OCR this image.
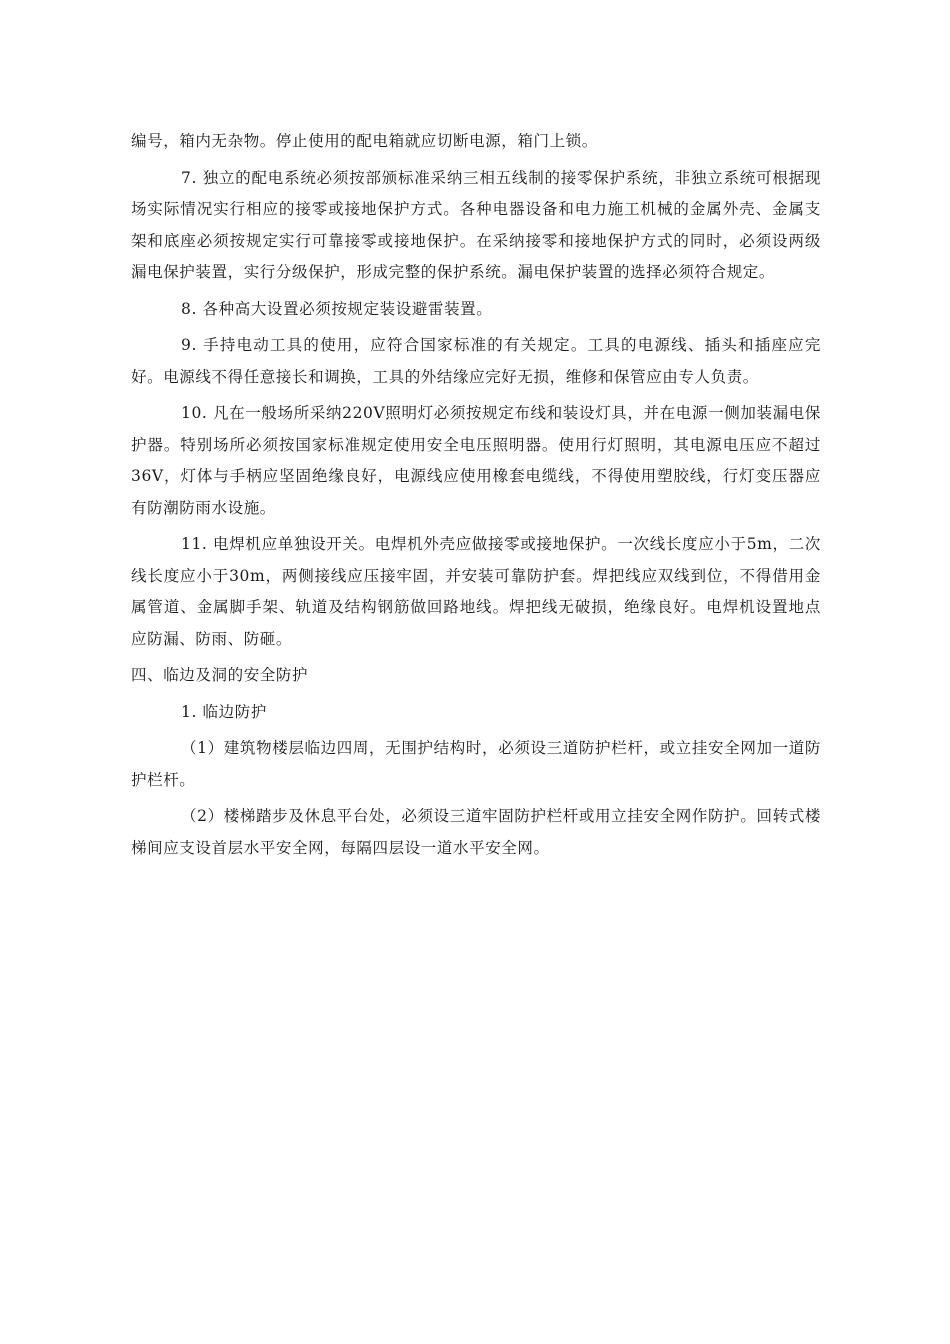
编号，箱内无杂物。停止使用的配电箱就应切断电源，箱门上锁。

7. 独立的配电系统必须按部颁标准采纳三相五线制的接零保护系统，非独立系统可根据现场实际情况实行相应的接零或接地保护方式。各种电器设备和电力施工机械的金属外壳、金属支架和底座必须按规定实行可靠接零或接地保护。在采纳接零和接地保护方式的同时，必须设两级漏电保护装置，实行分级保护，形成完整的保护系统。漏电保护装置的选择必须符合规定。

8. 各种高大设置必须按规定装设避雷装置。

9. 手持电动工具的使用，应符合国家标准的有关规定。工具的电源线、插头和插座应完好。电源线不得任意接长和调换，工具的外结缘应完好无损，维修和保管应由专人负责。

10. 凡在一般场所采纳220V照明灯必须按规定布线和装设灯具，并在电源一侧加装漏电保护器。特别场所必须按国家标准规定使用安全电压照明器。使用行灯照明，其电源电压应不超过36V，灯体与手柄应坚固绝缘良好，电源线应使用橡套电缆线，不得使用塑胶线，行灯变压器应有防潮防雨水设施。

11. 电焊机应单独设开关。电焊机外壳应做接零或接地保护。一次线长度应小于5m，二次线长度应小于30m，两侧接线应压接牢固，并安装可靠防护套。焊把线应双线到位，不得借用金属管道、金属脚手架、轨道及结构钢筋做回路地线。焊把线无破损，绝缘良好。电焊机设置地点应防漏、防雨、防砸。

四、临边及洞的安全防护

1. 临边防护

（1）建筑物楼层临边四周，无围护结构时，必须设三道防护栏杆，或立挂安全网加一道防护栏杆。

（2）楼梯踏步及休息平台处，必须设三道牢固防护栏杆或用立挂安全网作防护。回转式楼梯间应支设首层水平安全网，每隔四层设一道水平安全网。
